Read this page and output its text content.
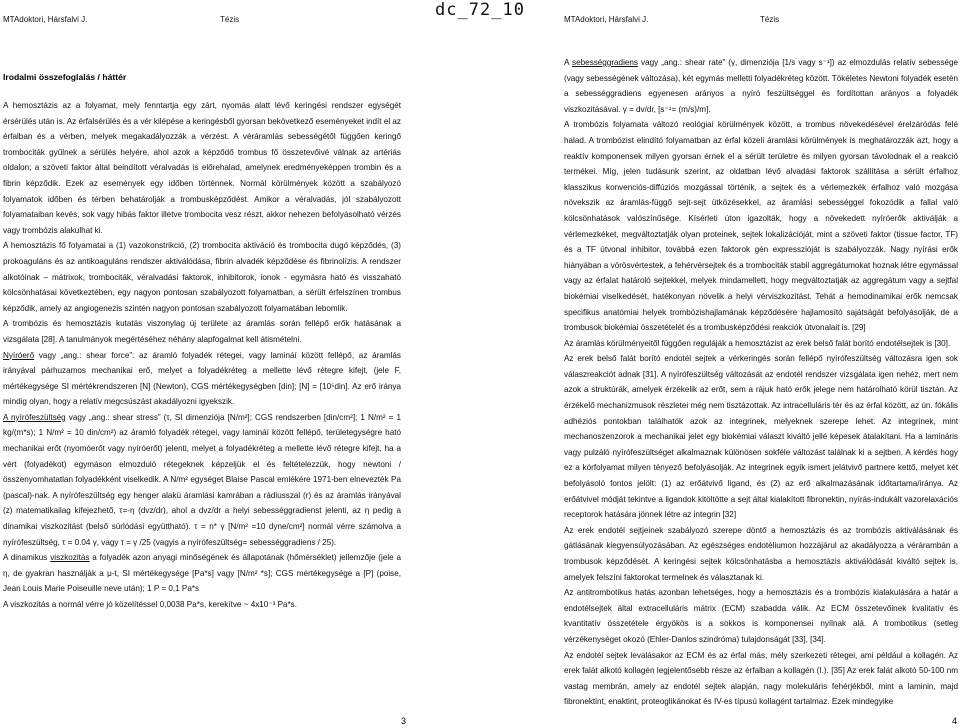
dc_72_10
MTAdoktori, Hársfalvi J.	Tézis	MTAdoktori, Hársfalvi J.	Tézis
Irodalmi összefoglalás / háttér

A hemosztázis az a folyamat, mely fenntartja egy zárt, nyomás alatt lévő keringési rendszer egységét érsérülés után is. Az érfalsérülés és a vér kilépése a keringésből gyorsan bekövetkező eseményeket indít el az érfalban és a vérben, melyek megakadályozzák a vérzést. A véráramlás sebességétől függően keringő trombociták gyűlnek a sérülés helyére, ahol azok a képződő trombus fő összetevőivé válnak az artériás oldalon; a szöveti faktor által beindított véralvadás is előrehalad, amelynek eredményeképpen trombin és a fibrin képződik. Ezek az események egy időben történnek. Normál körülmények között a szabályozó folyamatok időben és térben behatárolják a trombusképződést. Amikor a véralvadás, jól szabályozott folyamataiban kevés, sok vagy hibás faktor illetve trombocita vesz részt, akkor nehezen befolyásolható vérzés vagy trombózis alakulhat ki.

A hemosztázis fő folyamatai a (1) vazokonstrikció, (2) trombocita aktiváció és trombocita dugó képződés, (3) prokoaguláns és az antikoaguláns rendszer aktiválódása, fibrin alvadék képződése és fibrinolízis. A rendszer alkotóinak – mátrixok, trombociták, véralvadási faktorok, inhibitorok, ionok - egymásra ható és visszaható kölcsönhatásai következtében, egy nagyon pontosan szabályozott folyamatban, a sérült érfelszínen trombus képződik, amely az angiogenezis szintén nagyon pontosan szabályozott folyamatában lebomlik.

A trombózis és hemosztázis kutatás viszonylag új területe az áramlás során fellépő erők hatásának a vizsgálata [28]. A tanulmányok megértéséhez néhány alapfogalmat kell átismételni.

Nyíróerő vagy „ang.: shear force”: az áramló folyadék rétegei, vagy lamináí között fellépő, az áramlás irányával párhuzamos mechanikai erő, melyet a folyadékréteg a mellette lévő rétegre kifejt, (jele F, mértékegysége SI mértékrendszeren [N] (Newton), CGS mértékegységben [din]; [N] = [10⁵din]. Az erő iránya mindig olyan, hogy a relatív megcsúszást akadályozni igyekszik.

A nyírófeszültség vagy „ang.: shear stress” (τ, SI dimenziója [N/m²]; CGS rendszerben [din/cm²]; 1 N/m² = 1 kg/(m*s); 1 N/m² = 10 din/cm²) az áramló folyadék rétegei, vagy lamináí között fellépő, területegységre ható mechanikai erőt (nyomóerőt vagy nyíróerőt) jelenti, melyet a folyadékréteg a mellette lévő rétegre kifejt, ha a vért (folyadékot) egymáson elmozduló rétegeknek képzeljük el és feltételezzük, hogy newtoni / összenyomhatatlan folyadékként viselkedik. A N/m² egységet Blaise Pascal emlékére 1971-ben elnevezték Pa (pascal)-nak. A nyírófeszültség egy henger alakú áramlási kamrában a rádiusszal (r) és az áramlás irányával (z) matematikailag kifejezhető, τ=-η (dvz/dr), ahol a dvz/dr a helyi sebességgradienst jelenti, az η pedig a dinamikai viszkozitást (belső súrlódási együttható). τ = n* γ [N/m² =10 dyne/cm²] normál vérre számolva a nyírófeszültség, τ = 0.04 γ, vagy τ = γ /25 (vagyis a nyírófeszültség= sebességgradiens / 25).

A dinamikus viszkozitás a folyadék azon anyagi minőségének és állapotának (hőmérséklet) jellemzője (jele a η, de gyakran használják a μ-t, SI mértékegysége [Pa*s] vagy [N/m² *s]; CGS mértékegysége a [P] (poise, Jean Louis Marie Poiseuille neve után); 1 P = 0,1 Pa*s

A viszkozitás a normál vérre jó közelítéssel 0,0038 Pa*s, kerekítve ~ 4x10⁻³ Pa*s.

A sebességgradiens vagy „ang.: shear rate” (γ, dimenziója [1/s vagy s⁻¹]) az elmozdulás relatív sebessége (vagy sebességének változása), két egymás melletti folyadékréteg között. Tökéletes Newtoni folyadék esetén a sebességgradiens egyenesen arányos a nyíró feszültséggel és fordítottan arányos a folyadék viszkozitásával. γ = dv/dr, [s⁻¹= (m/s)/m].

A trombózis folyamata változó reológiai körülmények között, a trombus növekedésével érelzáródás felé halad. A trombózist elindító folyamatban az érfal közeli áramlási körülmények is meghatározzák azt, hogy a reaktív komponensek milyen gyorsan érnek el a sérült területre és milyen gyorsan távolodnak el a reakció termékei. Míg, jelen tudásunk szerint, az oldatban lévő alvadási faktorok szállítása a sérült érfalhoz klasszikus konvenciós-diffúziós mozgással történik, a sejtek és a vérlemezkék érfalhoz való mozgása növekszik az áramlás-függő sejt-sejt ütközésekkel, az áramlási sebességgel fokozódik a fallal való kölcsönhatások valószínűsége. Kísérleti úton igazolták, hogy a növekedett nyíróerők aktiválják a vérlemezkéket, megváltoztatják olyan proteinek, sejtek lokalizációját, mint a szöveti faktor (tissue factor, TF) és a TF útvonal inhibitor, továbbá ezen faktorok gén expresszióját is szabályozzák. Nagy nyírási erők hiányában a vörösvértestek, a fehérvérsejtek és a trombociták stabil aggregátumokat hoznak létre egymással vagy az érfalat határoló sejtekkel, melyek mindamellett, hogy megváltoztatják az aggregátum vagy a sejtfal biokémiai viselkedését, hatékonyan növelik a helyi vérviszkozitást. Tehát a hemodinamikai erők nemcsak specifikus anatómiai helyek trombózishajlamának képződésére hajlamosító sajátságát befolyásolják, de a trombusok biokémiai összetételét és a trombusképződési reakciók útvonalait is. [29]

Az áramlás körülményeitől függően reguláják a hemosztázist az erek belső falát borító endotélsejtek is [30].

Az erek belső falát borító endotél sejtek a vérkeringés során fellépő nyírófeszültség változásra igen sok válaszreakciót adnak [31]. A nyírófeszültség változását az endotél rendszer vizsgálata igen nehéz, mert nem azok a struktúrák, amelyek érzékelik az erőt, sem a rájuk ható erők jelege nem határolható körül tisztán. Az érzékelő mechanizmusok részletei még nem tisztázottak. Az intracelluláris tér és az érfal között, az ún. fókális adhéziós pontokban találhatók azok az integrinek, melyeknek szerepe lehet. Az integrinek, mint mechanoszenzorok a mechanikai jelet egy biokémiai választ kiváltó jellé képesek átalakítani. Ha a lamináris vagy pulzáló nyírófeszültséget alkalmaznak különösen sokféle változást találnak ki a sejtben. A kérdés hogy ez a kórfolyamat milyen tényező befolyásolják. Az integrinek egyik ismert jelátvivő partnere kettő, melyet két befolyásoló fontos jelölt: (1) az erőátvivő ligand, és (2) az erő alkalmazásának időtartama/iránya. Az erőátvivel módját tekintve a ligandok kitöltötte a sejt által kialakított fibronektin, nyírás-indukált vazorelaxációs receptorok hatására jönnek létre az integrin [32]

Az erek endotél sejtjeinek szabályozó szerepe döntő a hemosztázis és az trombózis aktiválásának és gátlásának kiegyensúlyozásában. Az egészséges endotéliumon hozzájárul az akadályozza a vérárambán a trombusok képződését. A keringési sejtek kölcsönhatásba a hemosztázis aktiválódását kiváltó sejtek is, amelyek felszíni faktorokat termelnek és választanak ki.

Az antitrombotikus hatás azonban lehetséges, hogy a hemosztázis és a trombózis kialakulására a határ a endotélsejtek által extracelluláris mátrix (ECM) szabadda válik. Az ECM összetevőinek kvalitatív és kvantitatív összetétele érgyökös is a sokkos is komponensei nyílnak alá. A trombotikus (setleg vérzékenységet okozó (Ehler-Danlos szindróma) tulajdonságát [33], [34].

Az endotél sejtek levalásakor az ECM és az érfal más, mély szerkezeti rétegei, ami például a kollagén. Az erek falát alkotó kollagén legjelentősebb része az érfalban a kollagén (I.). [35] Az erek falát alkotó 50-100 nm vastag membrán, amely az endotél sejtek alapján, nagy molekuláris fehérjékből, mint a laminin, majd fibronektint, enaktint, proteoglikánokat és IV-es típusú kollagént tartalmaz. Ezek mindegyike

3	4
